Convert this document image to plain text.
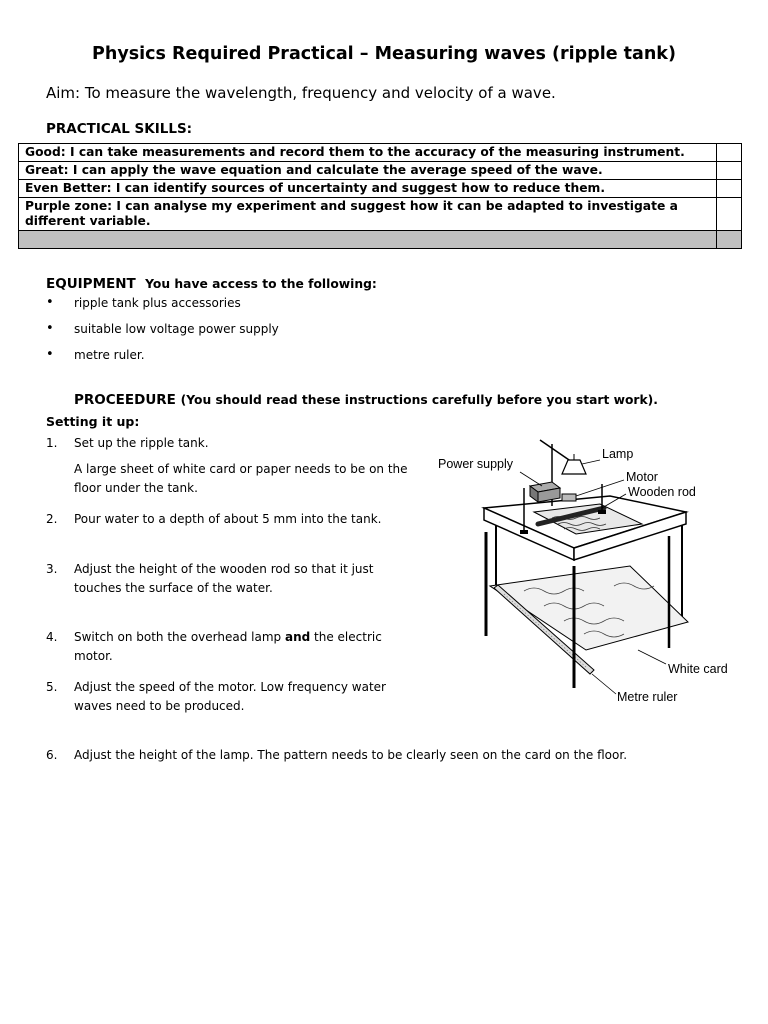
Physics Required Practical – Measuring waves (ripple tank)
Aim: To measure the wavelength, frequency and velocity of a wave.
PRACTICAL SKILLS:
Good: I can take measurements and record them to the accuracy of the measuring instrument.	
Great: I can apply the wave equation and calculate the average speed of the wave.	
Even Better: I can identify sources of uncertainty and suggest how to reduce them.	
Purple zone: I can analyse my experiment and suggest how it can be adapted to investigate a different variable.	

EQUIPMENT You have access to the following:
• ripple tank plus accessories
• suitable low voltage power supply
• metre ruler.
PROCEEDURE (You should read these instructions carefully before you start work).
Setting it up:
1. Set up the ripple tank.
A large sheet of white card or paper needs to be on the floor under the tank.
2. Pour water to a depth of about 5 mm into the tank.
3. Adjust the height of the wooden rod so that it just touches the surface of the water.
4. Switch on both the overhead lamp and the electric motor.
5. Adjust the speed of the motor. Low frequency water waves need to be produced.
6. Adjust the height of the lamp. The pattern needs to be clearly seen on the card on the floor.
Power supply
Lamp
Motor
Wooden rod
White card
Metre ruler
